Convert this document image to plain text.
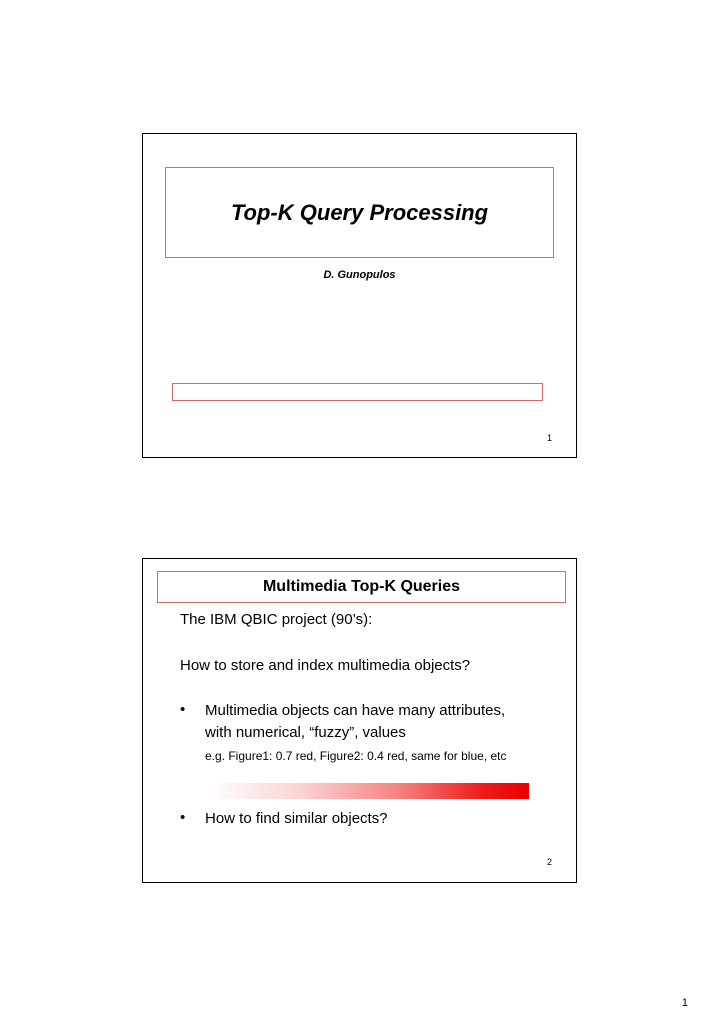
Top-K Query Processing
D. Gunopulos
1
Multimedia Top-K Queries
The IBM QBIC project (90’s):
How to store and index multimedia objects?
• Multimedia objects can have many attributes,
with numerical, “fuzzy”, values
e.g. Figure1: 0.7 red, Figure2: 0.4 red, same for blue, etc
• How to find similar objects?
2
1
